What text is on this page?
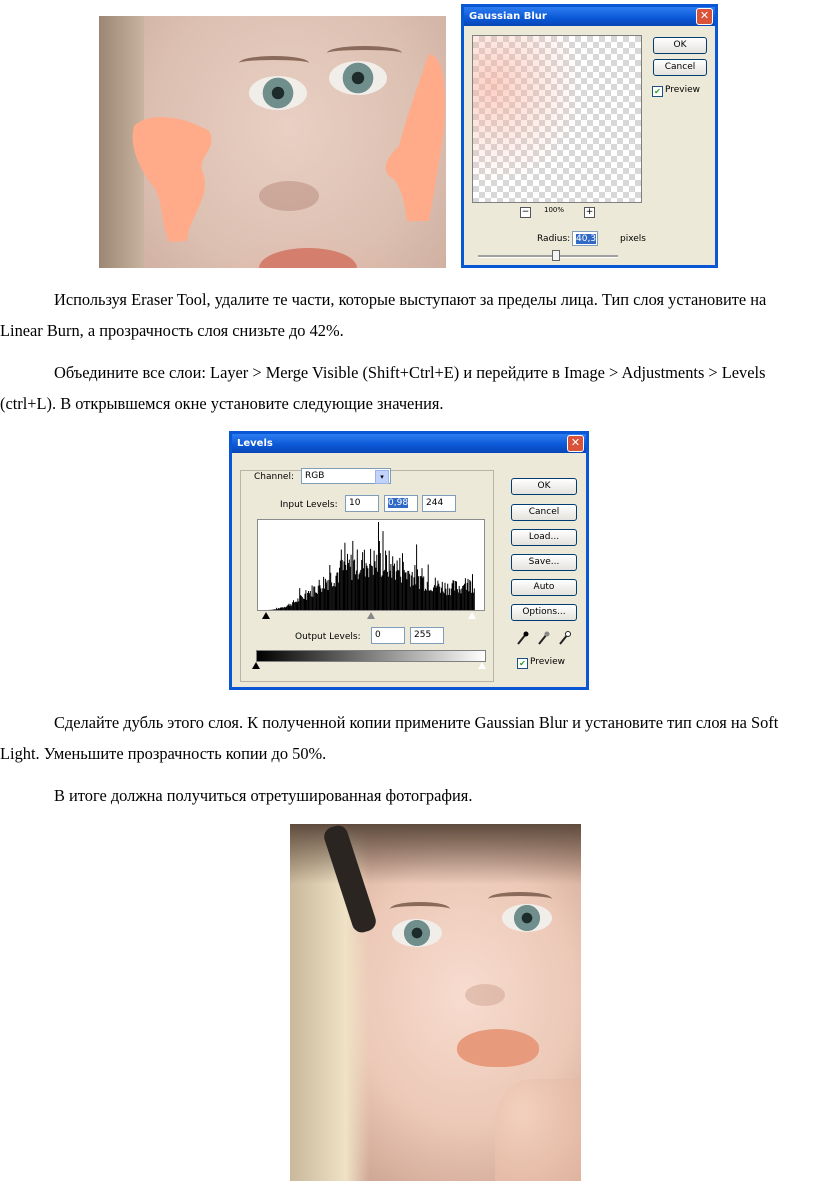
Gaussian Blur	✕
OK
Cancel
✔ Preview
− 100% +
Radius: 40,3	pixels
Используя Eraser Tool, удалите те части, которые выступают за пределы лица. Тип слоя установите на Linear Burn, а прозрачность слоя снизьте до 42%.
Объедините все слои: Layer > Merge Visible (Shift+Ctrl+E) и перейдите в Image > Adjustments > Levels (ctrl+L). В открывшемся окне установите следующие значения.
Levels	✕
Channel:	RGB	▾
Input Levels:	10	0,98	244
Output Levels:	0	255
OK
Cancel
Load...
Save...
Auto
Options...
✔ Preview
Сделайте дубль этого слоя. К полученной копии примените Gaussian Blur и установите тип слоя на Soft Light. Уменьшите прозрачность копии до 50%.
В итоге должна получиться отретушированная фотография.
